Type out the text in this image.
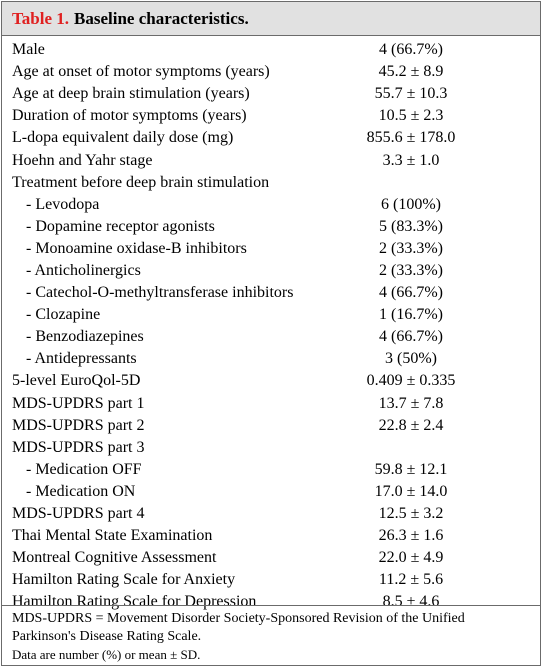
Table 1. Baseline characteristics.
Male	4 (66.7%)
Age at onset of motor symptoms (years)	45.2 ± 8.9
Age at deep brain stimulation (years)	55.7 ± 10.3
Duration of motor symptoms (years)	10.5 ± 2.3
L-dopa equivalent daily dose (mg)	855.6 ± 178.0
Hoehn and Yahr stage	3.3 ± 1.0
Treatment before deep brain stimulation	
- Levodopa	6 (100%)
- Dopamine receptor agonists	5 (83.3%)
- Monoamine oxidase-B inhibitors	2 (33.3%)
- Anticholinergics	2 (33.3%)
- Catechol-O-methyltransferase inhibitors	4 (66.7%)
- Clozapine	1 (16.7%)
- Benzodiazepines	4 (66.7%)
- Antidepressants	3 (50%)
5-level EuroQol-5D	0.409 ± 0.335
MDS-UPDRS part 1	13.7 ± 7.8
MDS-UPDRS part 2	22.8 ± 2.4
MDS-UPDRS part 3	
- Medication OFF	59.8 ± 12.1
- Medication ON	17.0 ± 14.0
MDS-UPDRS part 4	12.5 ± 3.2
Thai Mental State Examination	26.3 ± 1.6
Montreal Cognitive Assessment	22.0 ± 4.9
Hamilton Rating Scale for Anxiety	11.2 ± 5.6
Hamilton Rating Scale for Depression	8.5 ± 4.6
MDS-UPDRS = Movement Disorder Society-Sponsored Revision of the Unified Parkinson's Disease Rating Scale.
Data are number (%) or mean ± SD.
